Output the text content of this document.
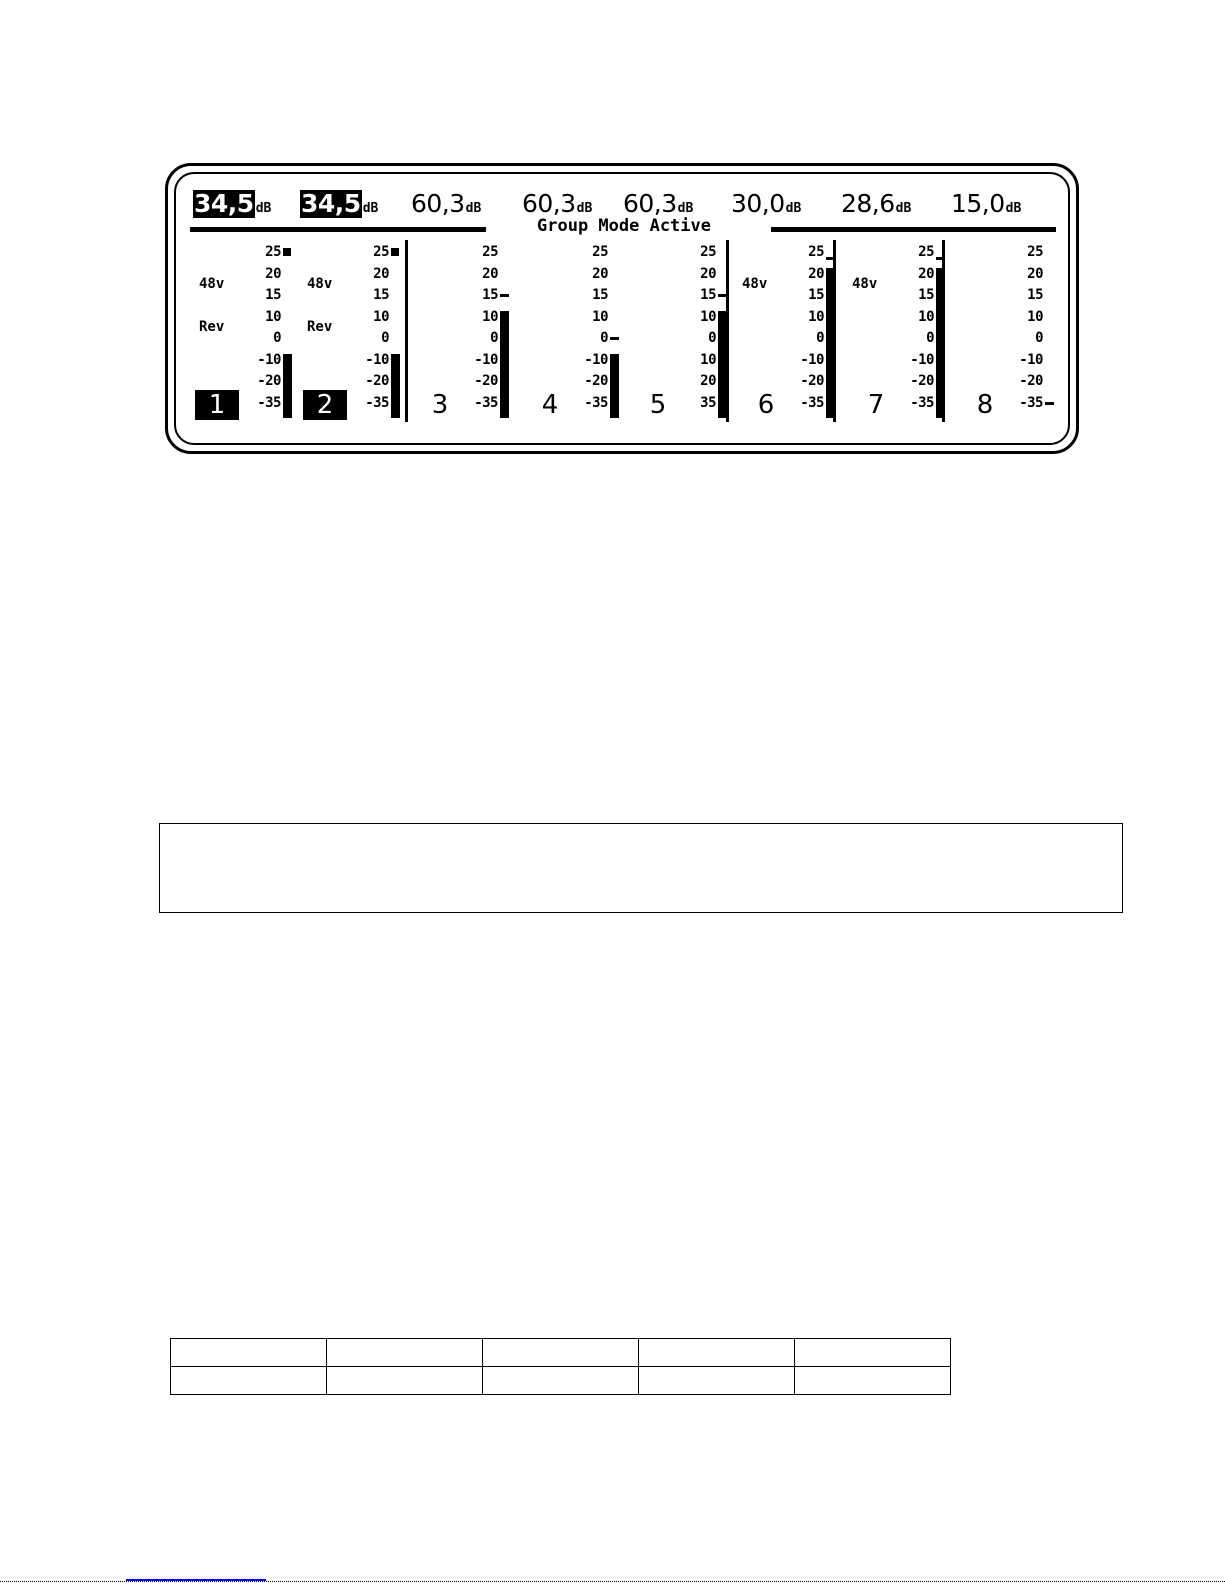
34,5 dB 34,5 dB 60,3 dB 60,3 dB 60,3 dB 30,0 dB 28,6 dB 15,0 dB
Group Mode Active
48v
Rev
25
20
15
10
0
-10
-20
-35
1
48v
Rev
25
20
15
10
0
-10
-20
-35
2
25
20
15
10
0
-10
-20
-35
3
25
20
15
10
0
-10
-20
-35
4
25
20
15
10
0
10
20
35
5
48v
25
20
15
10
0
-10
-20
-35
6
48v
25
20
15
10
0
-10
-20
-35
7
25
20
15
10
0
-10
-20
-35
8
